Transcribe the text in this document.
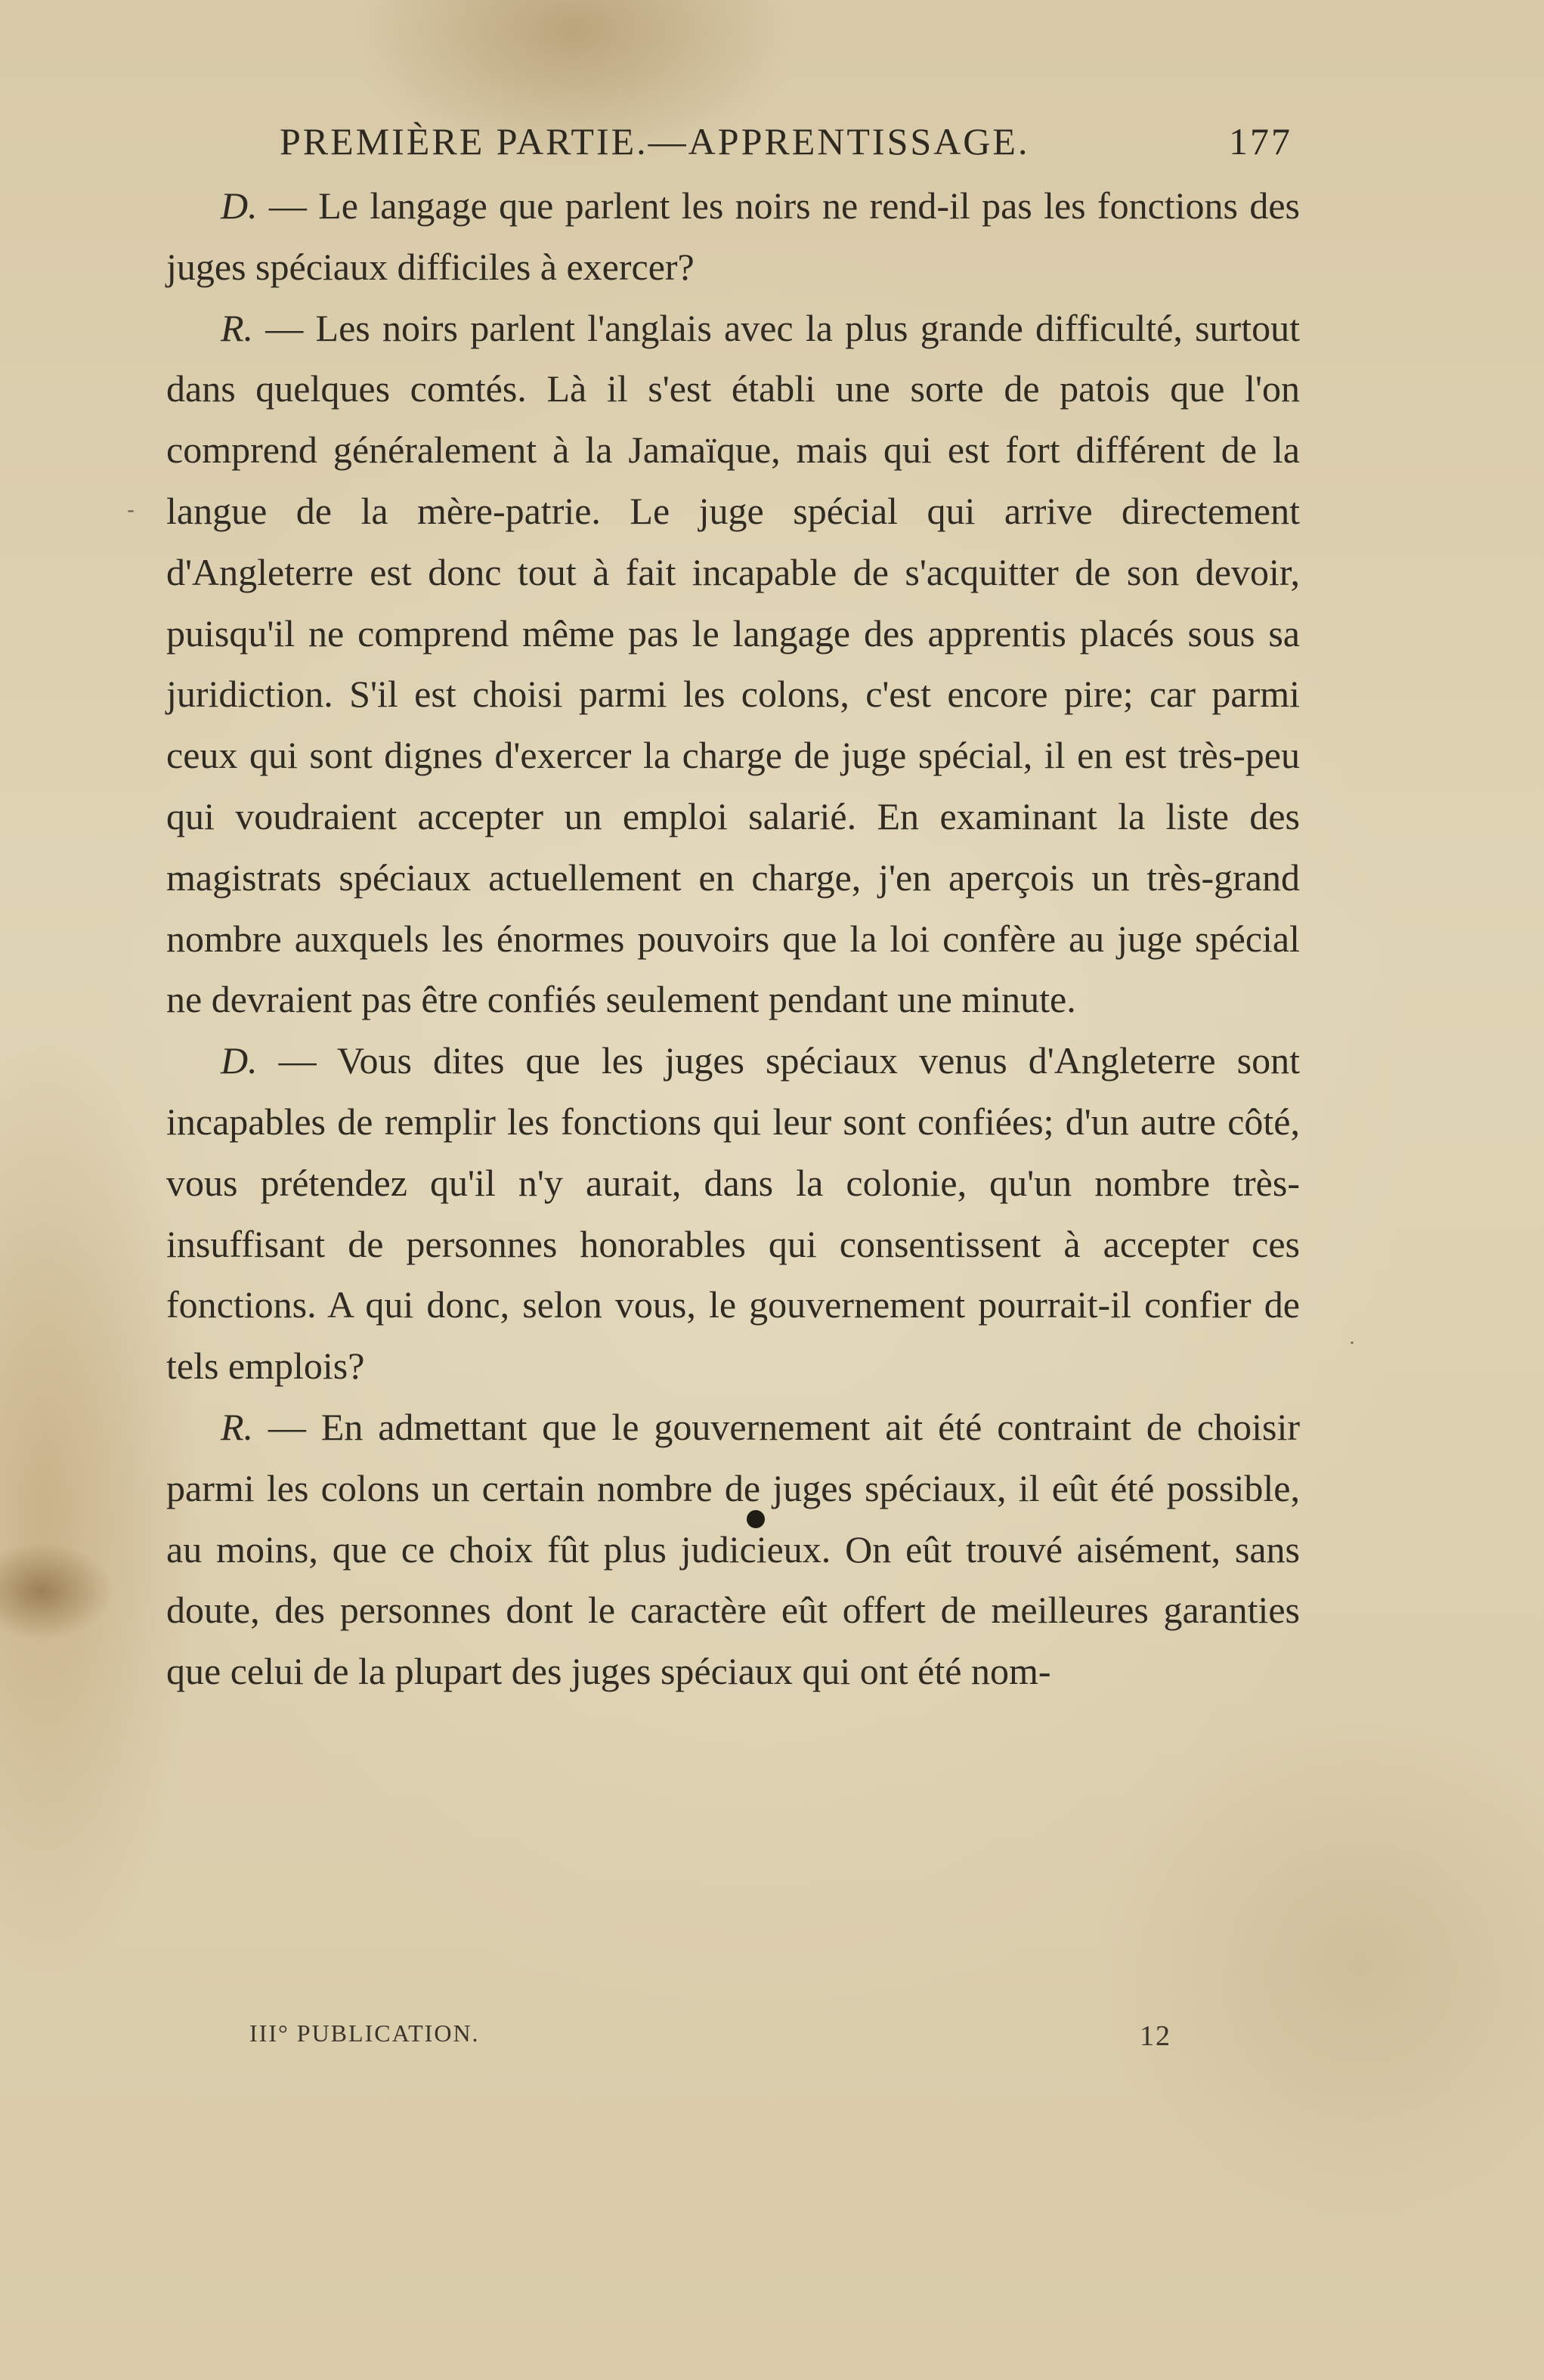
PREMIÈRE PARTIE.—APPRENTISSAGE.	177

D. — Le langage que parlent les noirs ne rend-il pas les fonctions des juges spéciaux difficiles à exercer?

R. — Les noirs parlent l'anglais avec la plus grande difficulté, surtout dans quelques comtés. Là il s'est établi une sorte de patois que l'on comprend généralement à la Jamaïque, mais qui est fort différent de la langue de la mère-patrie. Le juge spécial qui arrive directement d'Angleterre est donc tout à fait incapable de s'acquitter de son devoir, puisqu'il ne comprend même pas le langage des apprentis placés sous sa juridiction. S'il est choisi parmi les colons, c'est encore pire; car parmi ceux qui sont dignes d'exercer la charge de juge spécial, il en est très-peu qui voudraient accepter un emploi salarié. En examinant la liste des magistrats spéciaux actuellement en charge, j'en aperçois un très-grand nombre auxquels les énormes pouvoirs que la loi confère au juge spécial ne devraient pas être confiés seulement pendant une minute.

D. — Vous dites que les juges spéciaux venus d'Angleterre sont incapables de remplir les fonctions qui leur sont confiées; d'un autre côté, vous prétendez qu'il n'y aurait, dans la colonie, qu'un nombre très-insuffisant de personnes honorables qui consentissent à accepter ces fonctions. A qui donc, selon vous, le gouvernement pourrait-il confier de tels emplois?

R. — En admettant que le gouvernement ait été contraint de choisir parmi les colons un certain nombre de juges spéciaux, il eût été possible, au moins, que ce choix fût plus judicieux. On eût trouvé aisément, sans doute, des personnes dont le caractère eût offert de meilleures garanties que celui de la plupart des juges spéciaux qui ont été nom-

-
˙
III° PUBLICATION.	12
